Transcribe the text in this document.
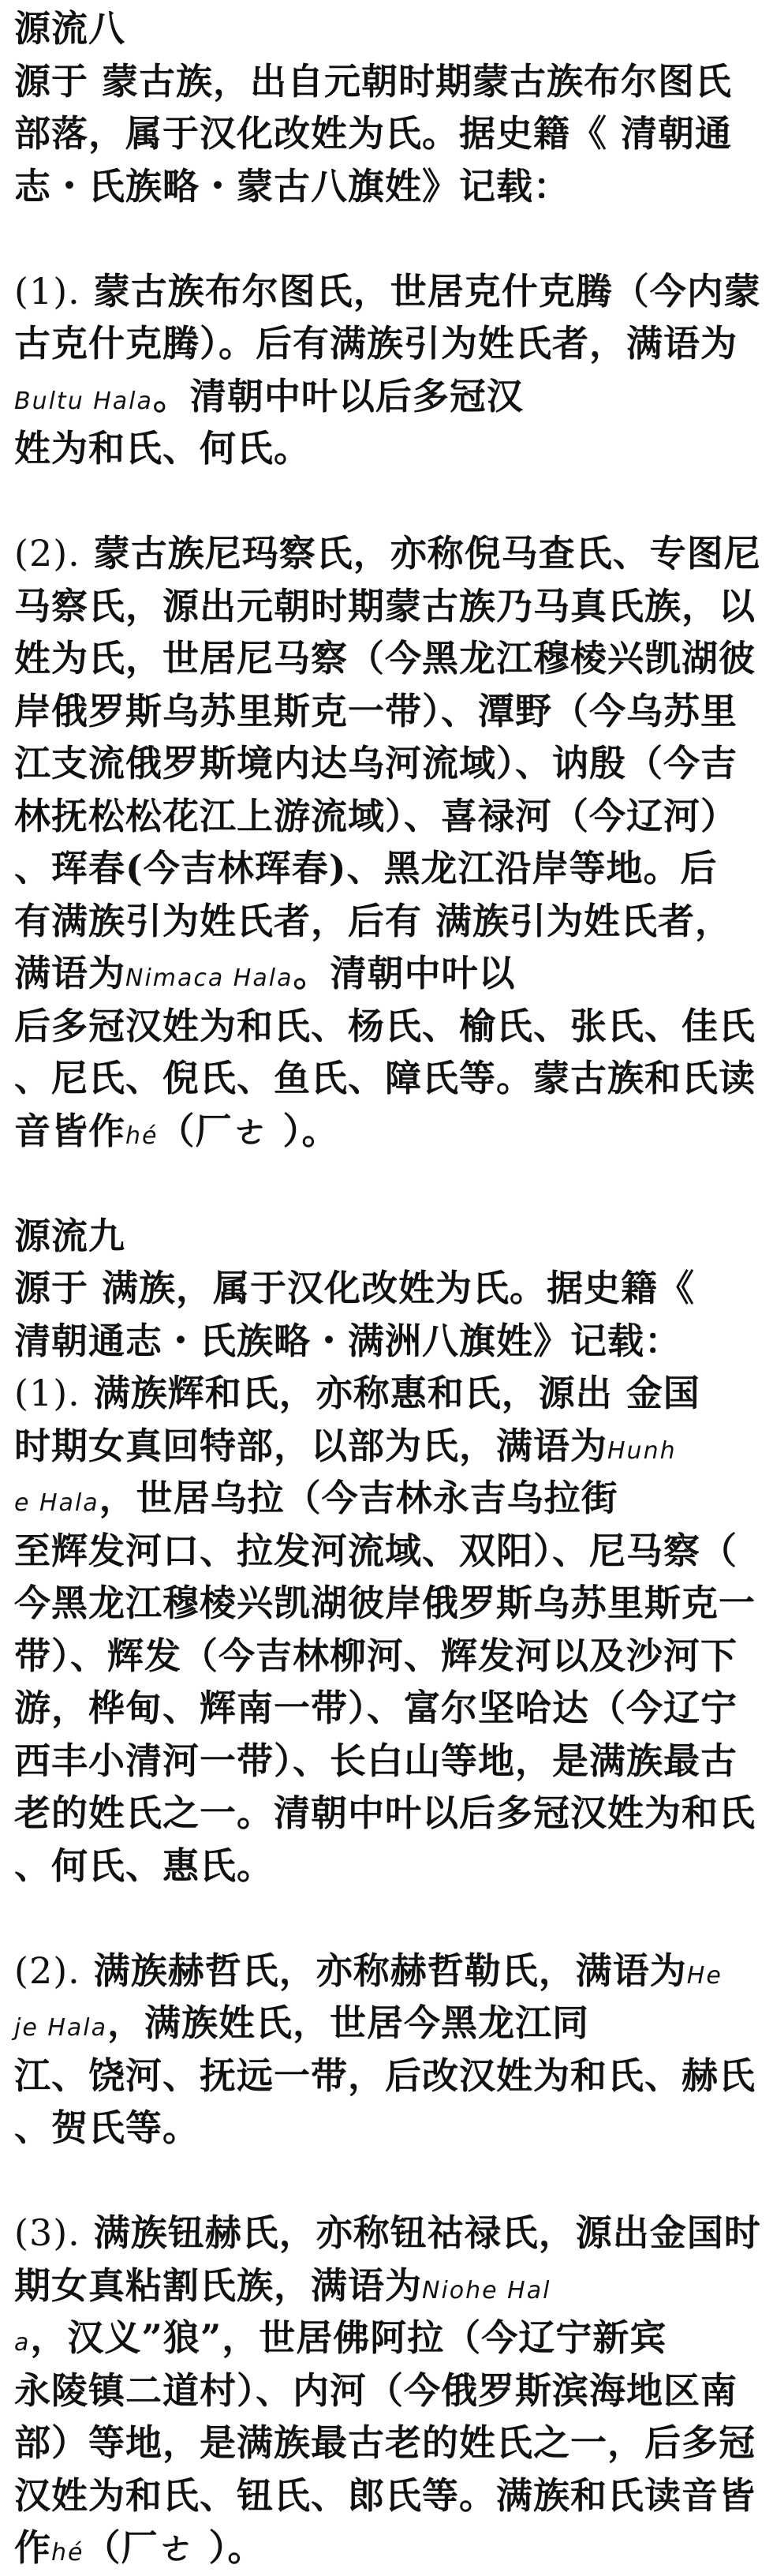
源流八
源于 蒙古族，出自元朝时期蒙古族布尔图氏
部落，属于汉化改姓为氏。据史籍《 清朝通
志・氏族略・蒙古八旗姓》记载：
(1). 蒙古族布尔图氏，世居克什克腾（今内蒙
古克什克腾）。后有满族引为姓氏者，满语为
Bultu Hala。清朝中叶以后多冠汉
姓为和氏、何氏。
(2). 蒙古族尼玛察氏，亦称倪马查氏、专图尼
马察氏，源出元朝时期蒙古族乃马真氏族，以
姓为氏，世居尼马察（今黑龙江穆棱兴凯湖彼
岸俄罗斯乌苏里斯克一带）、潭野（今乌苏里
江支流俄罗斯境内达乌河流域）、讷殷（今吉
林抚松松花江上游流域）、喜禄河（今辽河）
、珲春(今吉林珲春)、黑龙江沿岸等地。后
有满族引为姓氏者，后有 满族引为姓氏者，
满语为Nimaca Hala。清朝中叶以
后多冠汉姓为和氏、杨氏、榆氏、张氏、佳氏
、尼氏、倪氏、鱼氏、障氏等。蒙古族和氏读
音皆作hé（厂ㄜ ）。
源流九
源于 满族，属于汉化改姓为氏。据史籍《
清朝通志・氏族略・满洲八旗姓》记载：
(1). 满族辉和氏，亦称惠和氏，源出 金国
时期女真回特部，以部为氏，满语为Hunh
e Hala，世居乌拉（今吉林永吉乌拉街
至辉发河口、拉发河流域、双阳）、尼马察（
今黑龙江穆棱兴凯湖彼岸俄罗斯乌苏里斯克一
带）、辉发（今吉林柳河、辉发河以及沙河下
游，桦甸、辉南一带）、富尔坚哈达（今辽宁
西丰小清河一带）、长白山等地，是满族最古
老的姓氏之一。清朝中叶以后多冠汉姓为和氏
、何氏、惠氏。
(2). 满族赫哲氏，亦称赫哲勒氏，满语为He
je Hala，满族姓氏，世居今黑龙江同
江、饶河、抚远一带，后改汉姓为和氏、赫氏
、贺氏等。
(3). 满族钮赫氏，亦称钮祜禄氏，源出金国时
期女真粘割氏族，满语为Niohe Hal
a，汉义”狼”，世居佛阿拉（今辽宁新宾
永陵镇二道村）、内河（今俄罗斯滨海地区南
部）等地，是满族最古老的姓氏之一，后多冠
汉姓为和氏、钮氏、郎氏等。满族和氏读音皆
作hé（厂ㄜ ）。
